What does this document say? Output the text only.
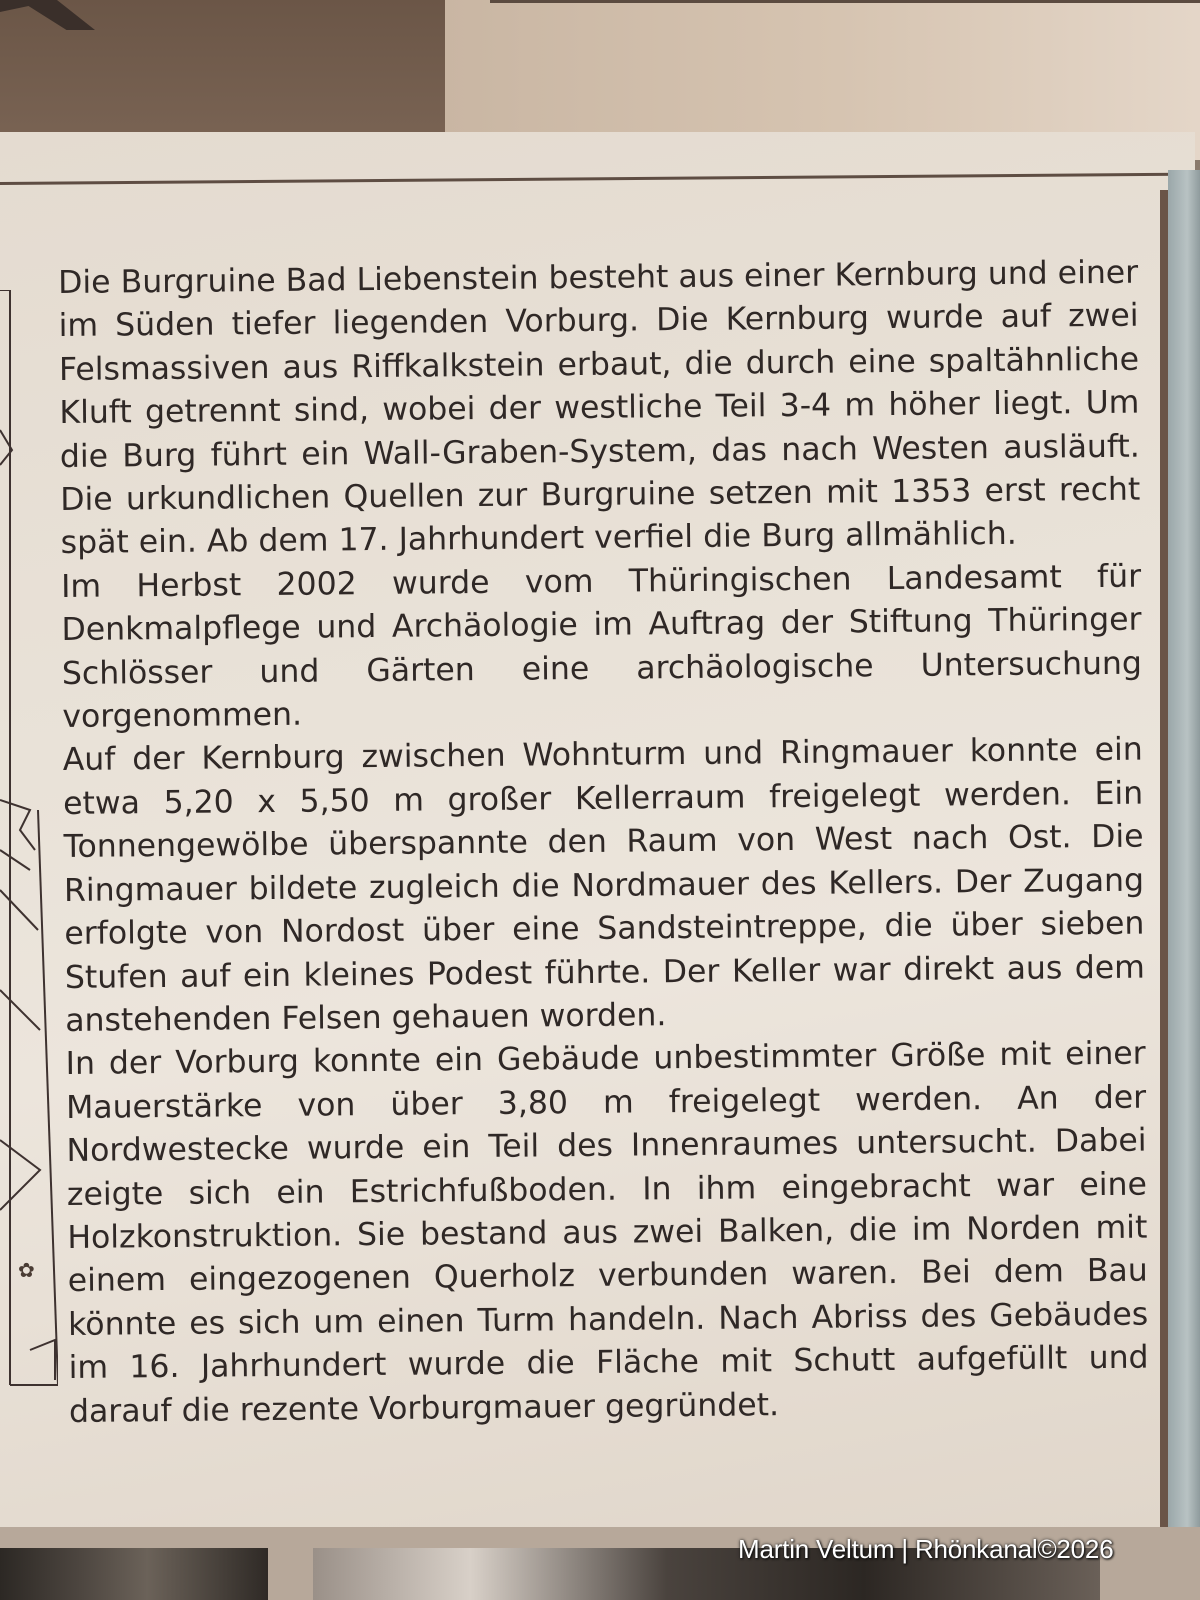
✿

Die Burgruine Bad Liebenstein besteht aus einer Kernburg und einer im Süden tiefer liegenden Vorburg. Die Kernburg wurde auf zwei Felsmassiven aus Riffkalkstein erbaut, die durch eine spaltähnliche Kluft getrennt sind, wobei der westliche Teil 3-4 m höher liegt. Um die Burg führt ein Wall-Graben-System, das nach Westen ausläuft. Die urkundlichen Quellen zur Burgruine setzen mit 1353 erst recht spät ein. Ab dem 17. Jahrhundert verfiel die Burg allmählich.

Im Herbst 2002 wurde vom Thüringischen Landesamt für Denkmalpflege und Archäologie im Auftrag der Stiftung Thüringer Schlösser und Gärten eine archäologische Untersuchung vorgenommen.

Auf der Kernburg zwischen Wohnturm und Ringmauer konnte ein etwa 5,20 x 5,50 m großer Kellerraum freigelegt werden. Ein Tonnengewölbe überspannte den Raum von West nach Ost. Die Ringmauer bildete zugleich die Nordmauer des Kellers. Der Zugang erfolgte von Nordost über eine Sandsteintreppe, die über sieben Stufen auf ein kleines Podest führte. Der Keller war direkt aus dem anstehenden Felsen gehauen worden.

In der Vorburg konnte ein Gebäude unbestimmter Größe mit einer Mauerstärke von über 3,80 m freigelegt werden. An der Nordwestecke wurde ein Teil des Innenraumes untersucht. Dabei zeigte sich ein Estrichfußboden. In ihm eingebracht war eine Holzkonstruktion. Sie bestand aus zwei Balken, die im Norden mit einem eingezogenen Querholz verbunden waren. Bei dem Bau könnte es sich um einen Turm handeln. Nach Abriss des Gebäudes im 16. Jahrhundert wurde die Fläche mit Schutt aufgefüllt und darauf die rezente Vorburgmauer gegründet.

Martin Veltum | Rhönkanal©2026
